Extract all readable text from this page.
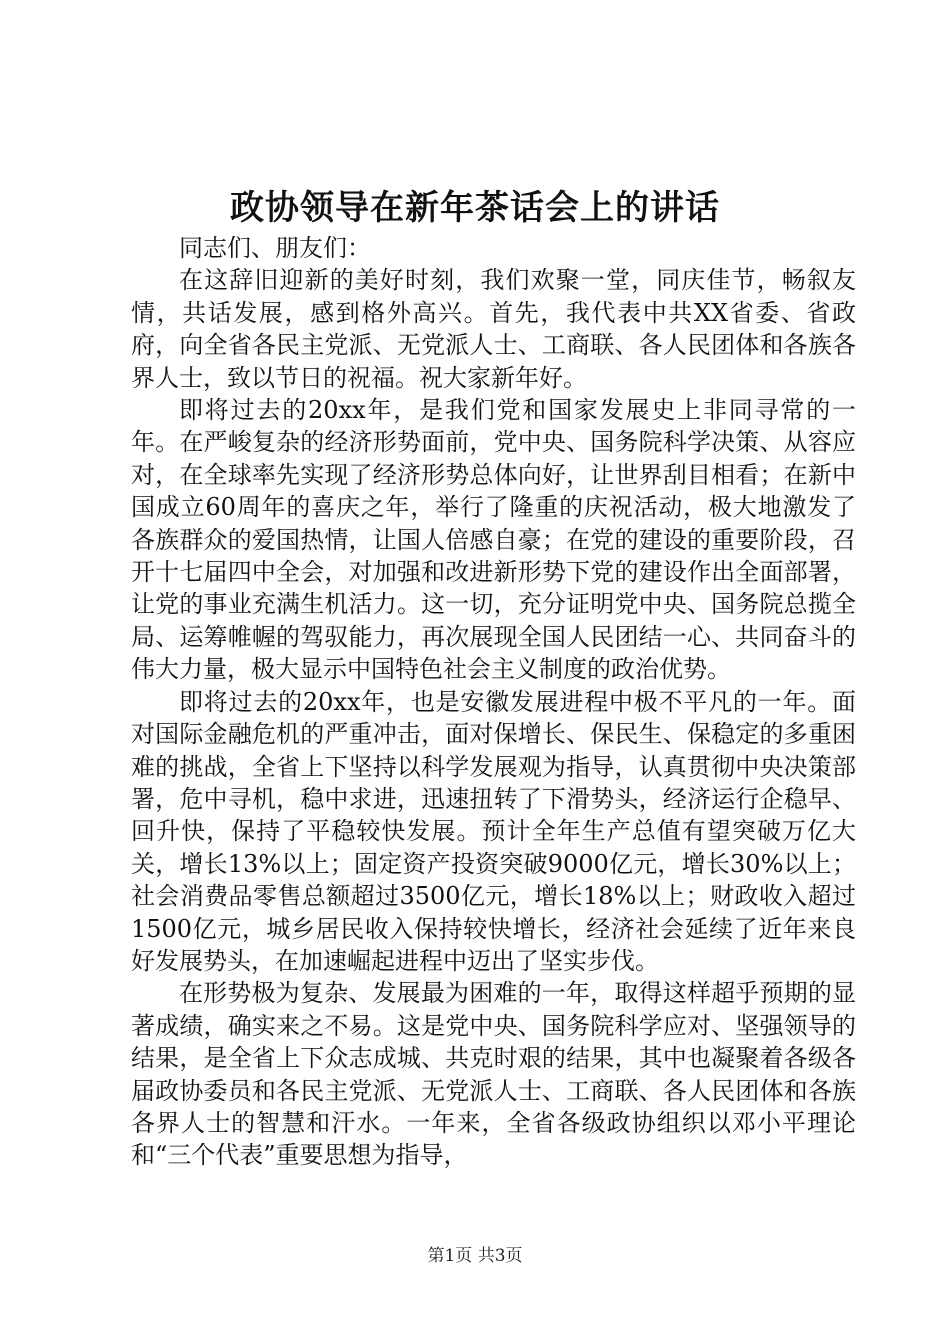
政协领导在新年茶话会上的讲话

同志们、朋友们：

在这辞旧迎新的美好时刻，我们欢聚一堂，同庆佳节，畅叙友情，共话发展，感到格外高兴。首先，我代表中共XX省委、省政府，向全省各民主党派、无党派人士、工商联、各人民团体和各族各界人士，致以节日的祝福。祝大家新年好。

即将过去的20xx年，是我们党和国家发展史上非同寻常的一年。在严峻复杂的经济形势面前，党中央、国务院科学决策、从容应对，在全球率先实现了经济形势总体向好，让世界刮目相看；在新中国成立60周年的喜庆之年，举行了隆重的庆祝活动，极大地激发了各族群众的爱国热情，让国人倍感自豪；在党的建设的重要阶段，召开十七届四中全会，对加强和改进新形势下党的建设作出全面部署，让党的事业充满生机活力。这一切，充分证明党中央、国务院总揽全局、运筹帷幄的驾驭能力，再次展现全国人民团结一心、共同奋斗的伟大力量，极大显示中国特色社会主义制度的政治优势。

即将过去的20xx年，也是安徽发展进程中极不平凡的一年。面对国际金融危机的严重冲击，面对保增长、保民生、保稳定的多重困难的挑战，全省上下坚持以科学发展观为指导，认真贯彻中央决策部署，危中寻机，稳中求进，迅速扭转了下滑势头，经济运行企稳早、回升快，保持了平稳较快发展。预计全年生产总值有望突破万亿大关，增长13%以上；固定资产投资突破9000亿元，增长30%以上；社会消费品零售总额超过3500亿元，增长18%以上；财政收入超过1500亿元，城乡居民收入保持较快增长，经济社会延续了近年来良好发展势头，在加速崛起进程中迈出了坚实步伐。

在形势极为复杂、发展最为困难的一年，取得这样超乎预期的显著成绩，确实来之不易。这是党中央、国务院科学应对、坚强领导的结果，是全省上下众志成城、共克时艰的结果，其中也凝聚着各级各届政协委员和各民主党派、无党派人士、工商联、各人民团体和各族各界人士的智慧和汗水。一年来，全省各级政协组织以邓小平理论和“三个代表”重要思想为指导，

第1页 共3页
